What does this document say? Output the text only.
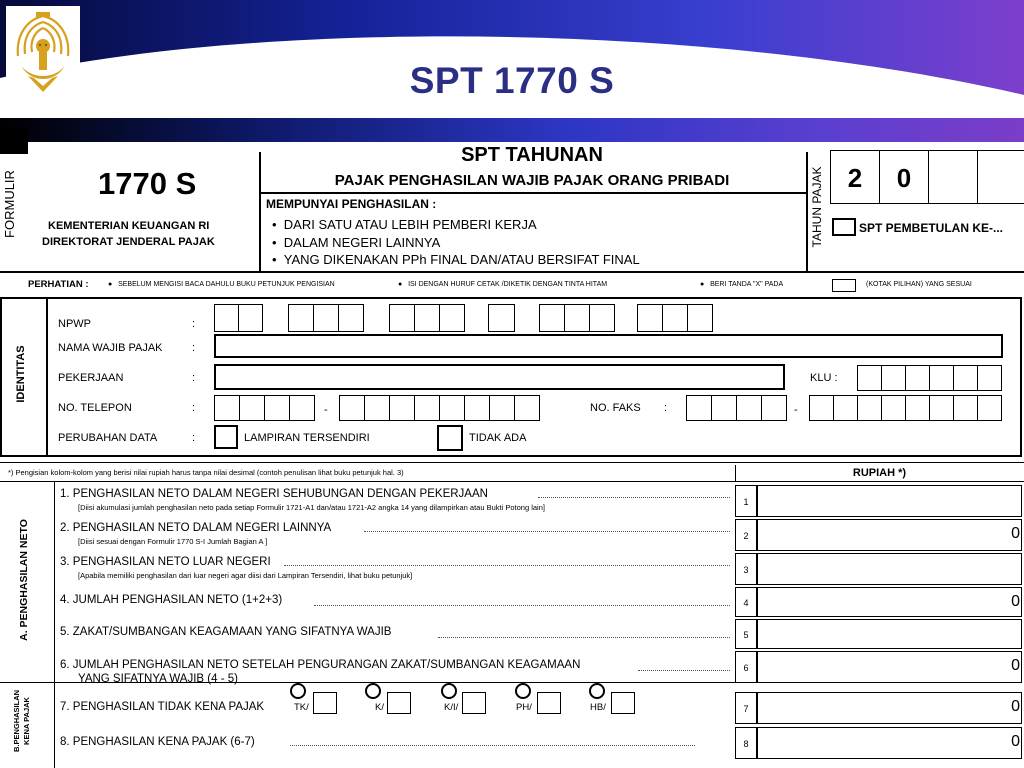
SPT 1770 S
FORMULIR	1770 S
KEMENTERIAN KEUANGAN RI
DIREKTORAT JENDERAL PAJAK
SPT TAHUNAN
PAJAK PENGHASILAN WAJIB PAJAK ORANG PRIBADI
MEMPUNYAI PENGHASILAN :
•  DARI SATU ATAU LEBIH PEMBERI KERJA
•  DALAM NEGERI LAINNYA
•  YANG DIKENAKAN PPh FINAL DAN/ATAU BERSIFAT FINAL
TAHUN PAJAK 2	0
SPT PEMBETULAN KE-...
PERHATIAN :	●   SEBELUM MENGISI BACA DAHULU BUKU PETUNJUK PENGISIAN	●   ISI DENGAN HURUF CETAK /DIKETIK DENGAN TINTA HITAM	●   BERI TANDA "X" PADA	(KOTAK PILIHAN) YANG SESUAI
IDENTITAS
NPWP	:
NAMA WAJIB PAJAK	:
PEKERJAAN	:	KLU :
NO. TELEPON	:	-	NO. FAKS :	-
PERUBAHAN DATA	:	LAMPIRAN TERSENDIRI	TIDAK ADA
*) Pengisian kolom-kolom yang berisi nilai rupiah harus tanpa nilai desimal (contoh penulisan lihat buku petunjuk hal. 3)	RUPIAH *)
A. PENGHASILAN NETO
1. PENGHASILAN NETO DALAM NEGERI SEHUBUNGAN DENGAN PEKERJAAN
[Diisi akumulasi jumlah penghasilan neto pada setiap Formulir 1721-A1 dan/atau 1721-A2 angka 14 yang dilampirkan atau Bukti Potong lain]
1
2. PENGHASILAN NETO DALAM NEGERI LAINNYA
[Diisi sesuai dengan Formulir 1770 S-I Jumlah Bagian A ]
2	0
3. PENGHASILAN NETO LUAR NEGERI
[Apabila memiliki penghasilan dari luar negeri agar diisi dari Lampiran Tersendiri, lihat buku petunjuk]
3
4. JUMLAH PENGHASILAN NETO (1+2+3)	4	0
5. ZAKAT/SUMBANGAN KEAGAMAAN YANG SIFATNYA WAJIB	5
6. JUMLAH PENGHASILAN NETO SETELAH PENGURANGAN ZAKAT/SUMBANGAN KEAGAMAAN
YANG SIFATNYA WAJIB (4 - 5)
6	0
B.PENGHASILAN KENA PAJAK	TK/	K/	K/I/	PH/	HB/
7. PENGHASILAN TIDAK KENA PAJAK	7	0
8. PENGHASILAN KENA PAJAK (6-7)	8	0
